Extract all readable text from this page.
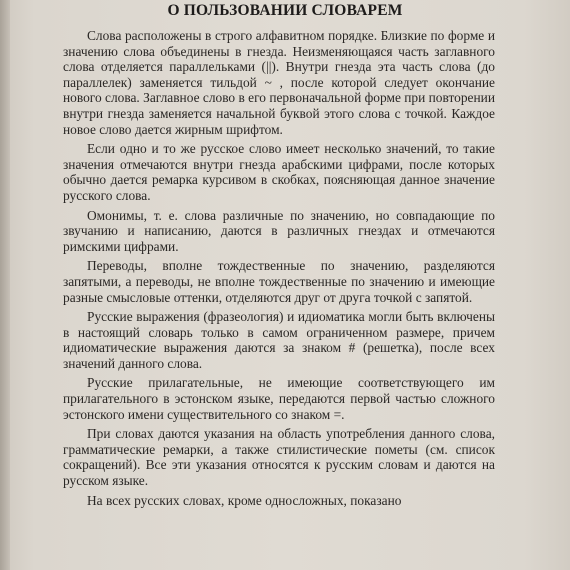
О ПОЛЬЗОВАНИИ СЛОВАРЕМ

Слова расположены в строго алфавитном порядке. Близкие по форме и значению слова объединены в гнезда. Неизменяющаяся часть заглавного слова отделяется параллельками (||). Внутри гнезда эта часть слова (до параллелек) заменяется тильдой ~ , после которой следует окончание нового слова. Заглавное слово в его первоначальной форме при повторении внутри гнезда заменяется начальной буквой этого слова с точкой. Каждое новое слово дается жирным шрифтом.

Если одно и то же русское слово имеет несколько значений, то такие значения отмечаются внутри гнезда арабскими цифрами, после которых обычно дается ремарка курсивом в скобках, поясняющая данное значение русского слова.

Омонимы, т. е. слова различные по значению, но совпадающие по звучанию и написанию, даются в различных гнездах и отмечаются римскими цифрами.

Переводы, вполне тождественные по значению, разделяются запятыми, а переводы, не вполне тождественные по значению и имеющие разные смысловые оттенки, отделяются друг от друга точкой с запятой.

Русские выражения (фразеология) и идиоматика могли быть включены в настоящий словарь только в самом ограниченном размере, причем идиоматические выражения даются за знаком # (решетка), после всех значений данного слова.

Русские прилагательные, не имеющие соответствующего им прилагательного в эстонском языке, передаются первой частью сложного эстонского имени существительного со знаком =.

При словах даются указания на область употребления данного слова, грамматические ремарки, а также стилистические пометы (см. список сокращений). Все эти указания относятся к русским словам и даются на русском языке.

На всех русских словах, кроме односложных, показано
